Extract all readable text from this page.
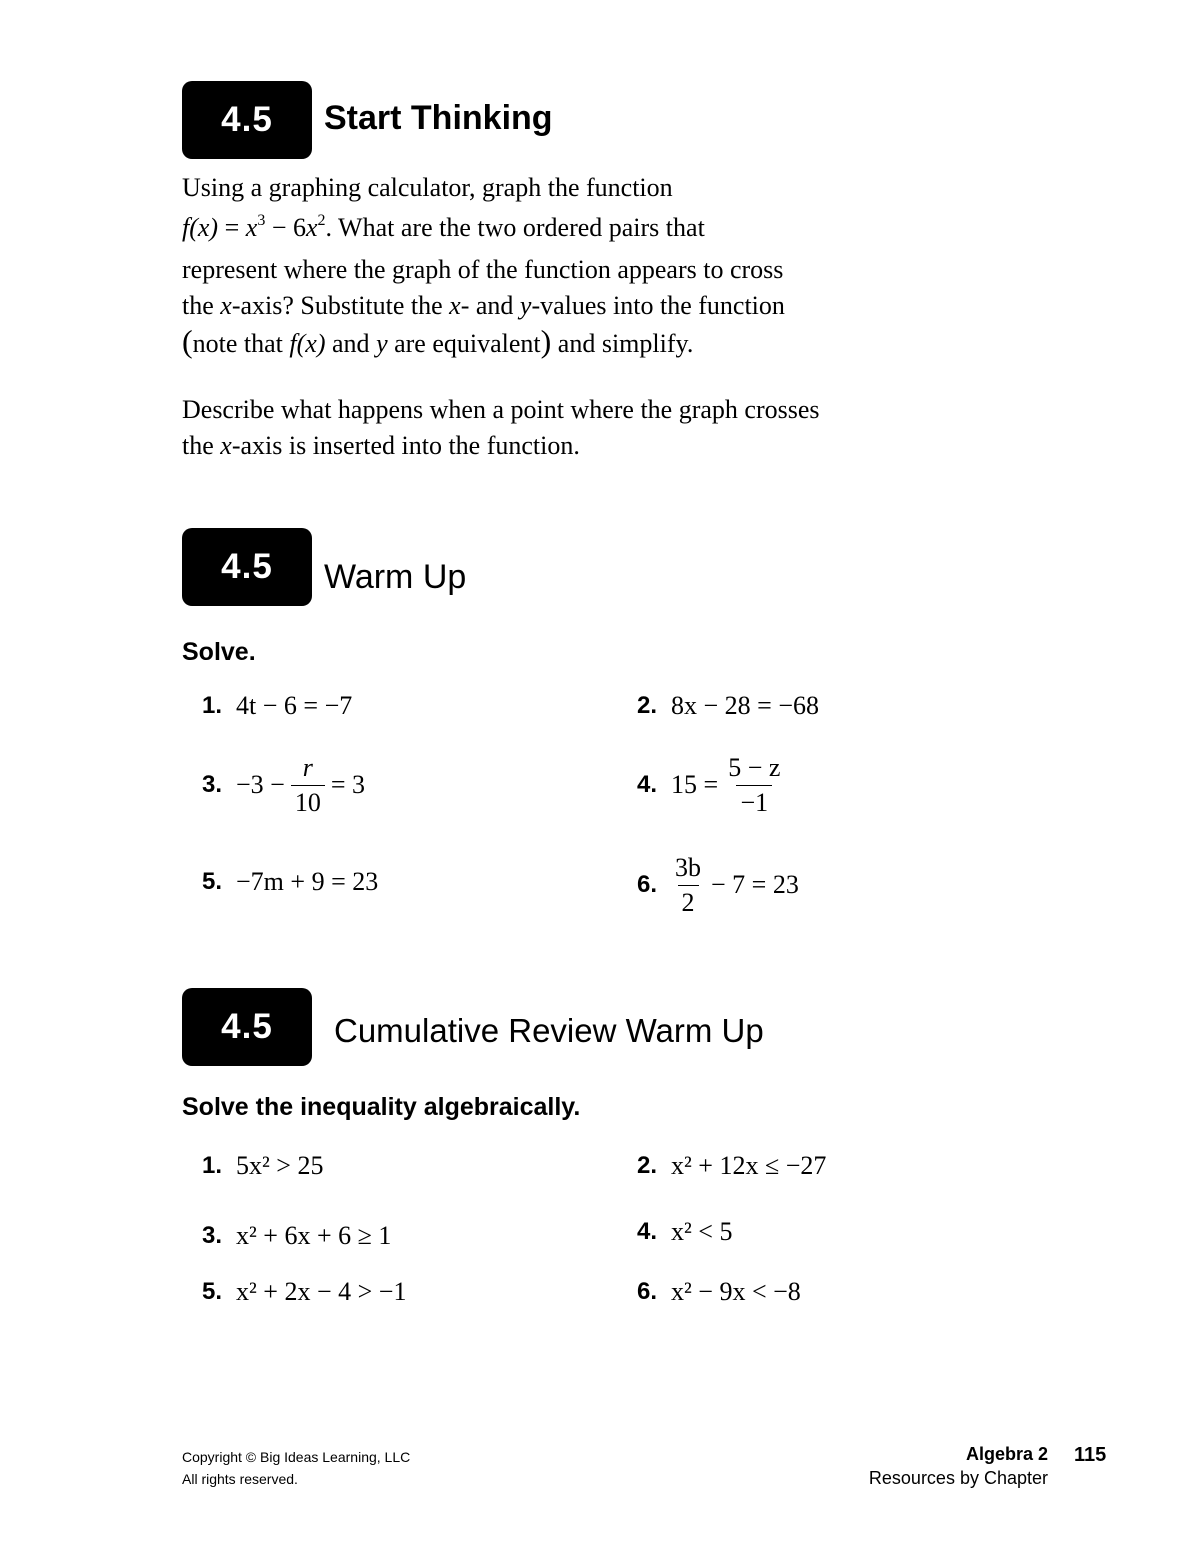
4.5	Start Thinking

Using a graphing calculator, graph the function

$f(x) = x^3 - 6x^2$. What are the two ordered pairs that

represent where the graph of the function appears to cross

the x-axis? Substitute the x- and y-values into the function

(note that f(x) and y are equivalent) and simplify.

Describe what happens when a point where the graph crosses

the x-axis is inserted into the function.

4.5	Warm Up
Solve.
1. 4t − 6 = −7	2. 8x − 28 = −68
3. $-3 - \frac{r}{10} = 3$	4. $15 = \frac{5 - z}{-1}$
5. −7m + 9 = 23	6. $\frac{3b}{2} - 7 = 23$
4.5	Cumulative Review Warm Up
Solve the inequality algebraically.
1. 5x² > 25	2. x² + 12x ≤ −27
3. x² + 6x + 6 ≥ 1	4. x² < 5
5. x² + 2x − 4 > −1	6. x² − 9x < −8
Copyright © Big Ideas Learning, LLC
All rights reserved.
Algebra 2
Resources by Chapter
115
